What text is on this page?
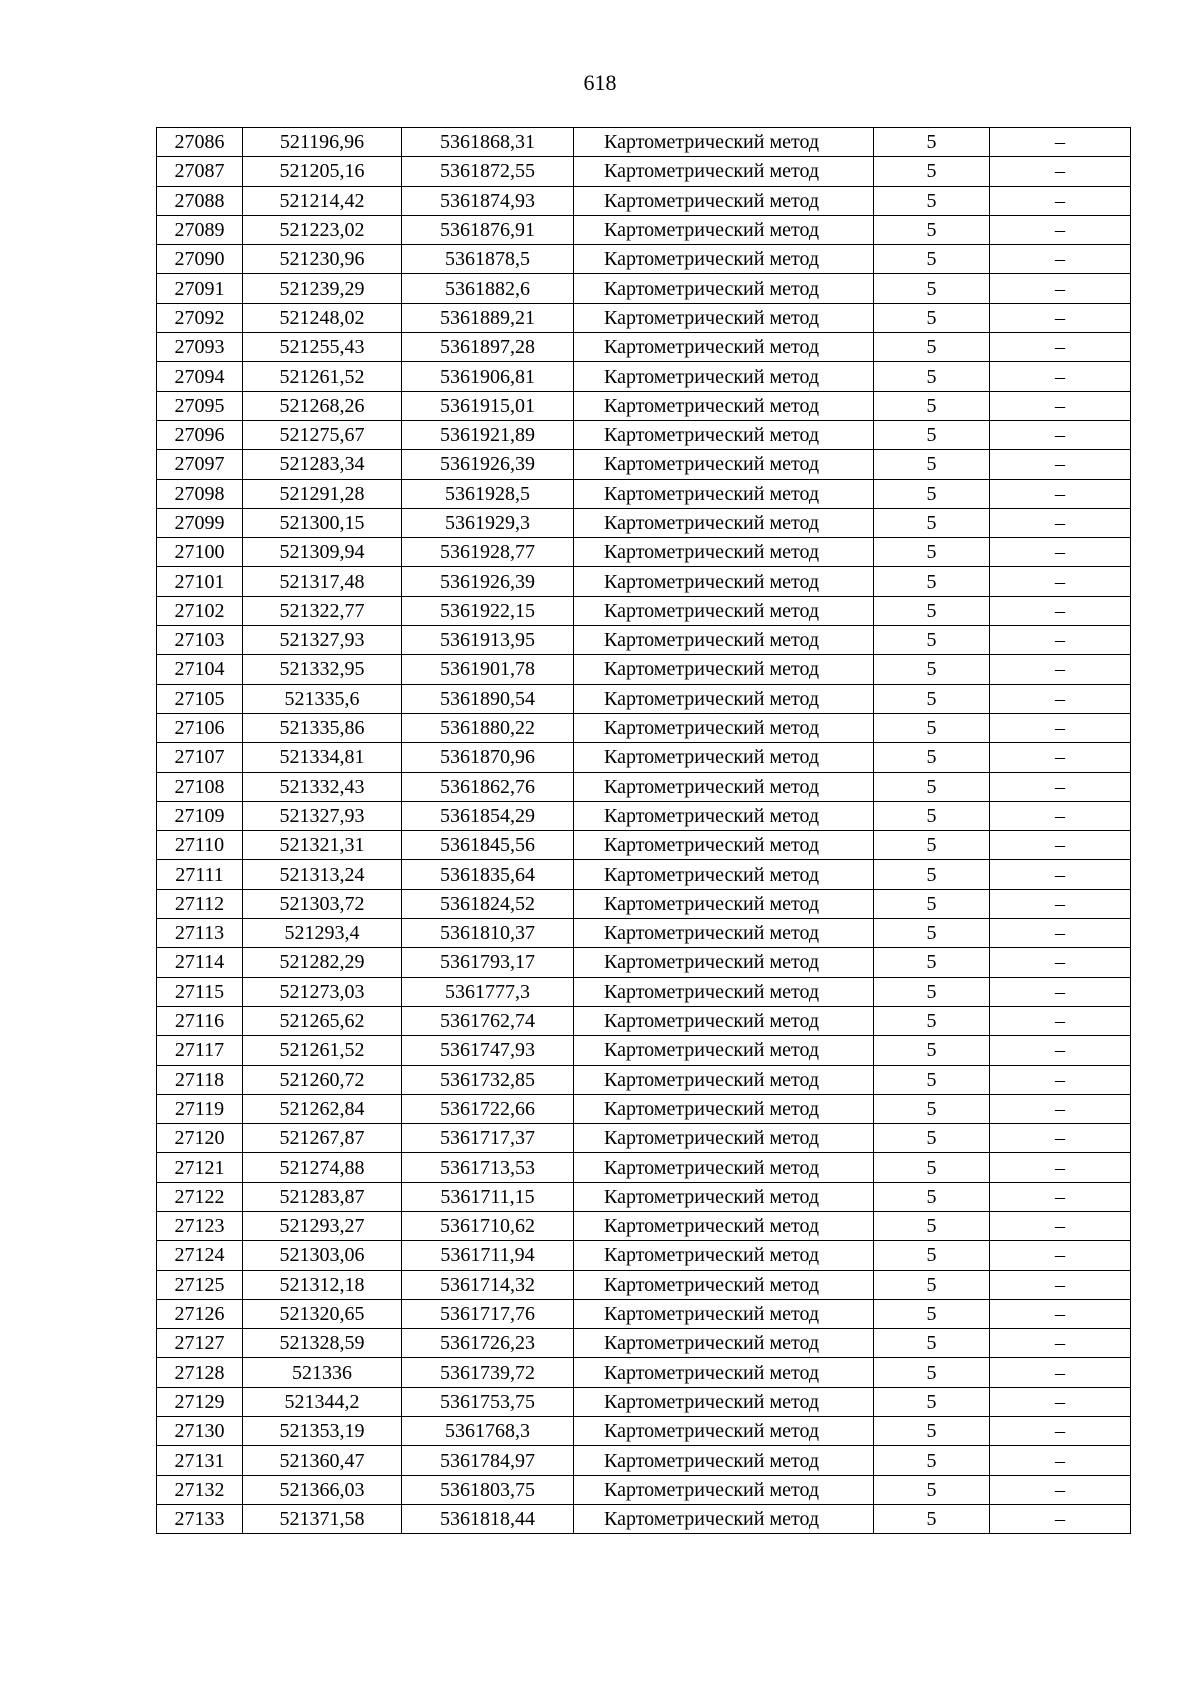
618
27086	521196,96	5361868,31	Картометрический метод	5	–
27087	521205,16	5361872,55	Картометрический метод	5	–
27088	521214,42	5361874,93	Картометрический метод	5	–
27089	521223,02	5361876,91	Картометрический метод	5	–
27090	521230,96	5361878,5	Картометрический метод	5	–
27091	521239,29	5361882,6	Картометрический метод	5	–
27092	521248,02	5361889,21	Картометрический метод	5	–
27093	521255,43	5361897,28	Картометрический метод	5	–
27094	521261,52	5361906,81	Картометрический метод	5	–
27095	521268,26	5361915,01	Картометрический метод	5	–
27096	521275,67	5361921,89	Картометрический метод	5	–
27097	521283,34	5361926,39	Картометрический метод	5	–
27098	521291,28	5361928,5	Картометрический метод	5	–
27099	521300,15	5361929,3	Картометрический метод	5	–
27100	521309,94	5361928,77	Картометрический метод	5	–
27101	521317,48	5361926,39	Картометрический метод	5	–
27102	521322,77	5361922,15	Картометрический метод	5	–
27103	521327,93	5361913,95	Картометрический метод	5	–
27104	521332,95	5361901,78	Картометрический метод	5	–
27105	521335,6	5361890,54	Картометрический метод	5	–
27106	521335,86	5361880,22	Картометрический метод	5	–
27107	521334,81	5361870,96	Картометрический метод	5	–
27108	521332,43	5361862,76	Картометрический метод	5	–
27109	521327,93	5361854,29	Картометрический метод	5	–
27110	521321,31	5361845,56	Картометрический метод	5	–
27111	521313,24	5361835,64	Картометрический метод	5	–
27112	521303,72	5361824,52	Картометрический метод	5	–
27113	521293,4	5361810,37	Картометрический метод	5	–
27114	521282,29	5361793,17	Картометрический метод	5	–
27115	521273,03	5361777,3	Картометрический метод	5	–
27116	521265,62	5361762,74	Картометрический метод	5	–
27117	521261,52	5361747,93	Картометрический метод	5	–
27118	521260,72	5361732,85	Картометрический метод	5	–
27119	521262,84	5361722,66	Картометрический метод	5	–
27120	521267,87	5361717,37	Картометрический метод	5	–
27121	521274,88	5361713,53	Картометрический метод	5	–
27122	521283,87	5361711,15	Картометрический метод	5	–
27123	521293,27	5361710,62	Картометрический метод	5	–
27124	521303,06	5361711,94	Картометрический метод	5	–
27125	521312,18	5361714,32	Картометрический метод	5	–
27126	521320,65	5361717,76	Картометрический метод	5	–
27127	521328,59	5361726,23	Картометрический метод	5	–
27128	521336	5361739,72	Картометрический метод	5	–
27129	521344,2	5361753,75	Картометрический метод	5	–
27130	521353,19	5361768,3	Картометрический метод	5	–
27131	521360,47	5361784,97	Картометрический метод	5	–
27132	521366,03	5361803,75	Картометрический метод	5	–
27133	521371,58	5361818,44	Картометрический метод	5	–
